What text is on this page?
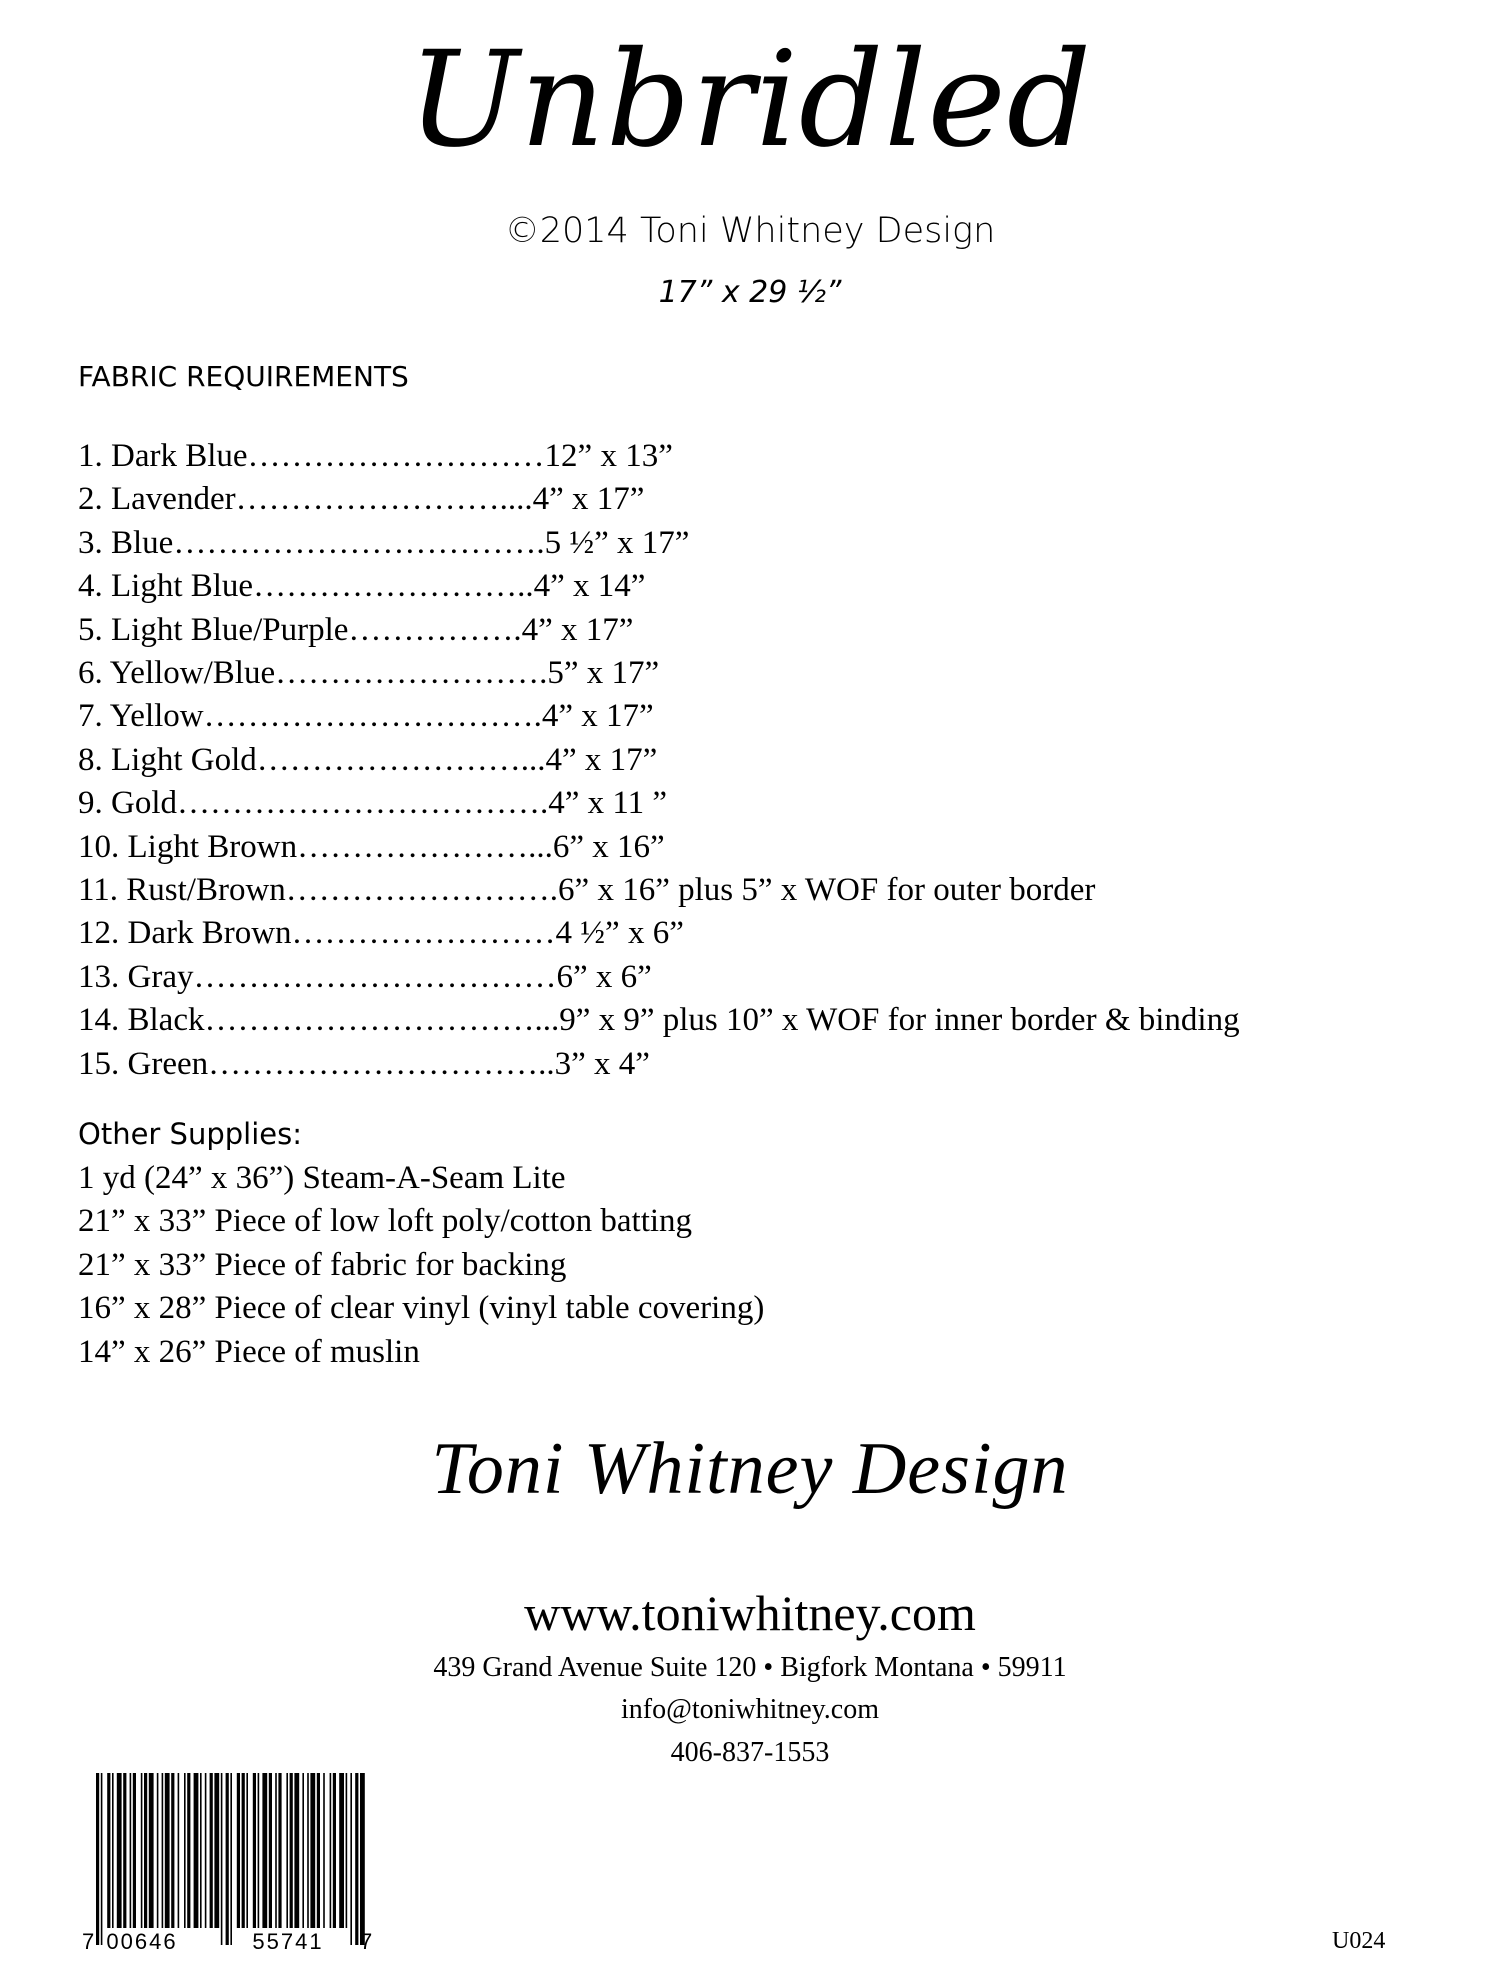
Unbridled
©2014 Toni Whitney Design
17” x 29 ½”
FABRIC REQUIREMENTS
1. Dark Blue………………………12” x 13”
2. Lavender……………………....4” x 17”
3. Blue…………………………….5 ½” x 17”
4. Light Blue……………………..4” x 14”
5. Light Blue/Purple…………….4” x 17”
6. Yellow/Blue…………………….5” x 17”
7. Yellow………………………….4” x 17”
8. Light Gold……………………...4” x 17”
9. Gold…………………………….4” x 11 ”
10. Light Brown…………………...6” x 16”
11. Rust/Brown…………………….6” x 16” plus 5” x WOF for outer border
12. Dark Brown……………………4 ½” x 6”
13. Gray……………………………6” x 6”
14. Black…………………………...9” x 9” plus 10” x WOF for inner border & binding
15. Green…………………………..3” x 4”
Other Supplies:
1 yd (24” x 36”) Steam-A-Seam Lite
21” x 33” Piece of low loft poly/cotton batting
21” x 33” Piece of fabric for backing
16” x 28” Piece of clear vinyl (vinyl table covering)
14” x 26” Piece of muslin
Toni Whitney Design
www.toniwhitney.com
439 Grand Avenue Suite 120 • Bigfork Montana • 59911
info@toniwhitney.com
406-837-1553
7 00646	55741 7	U024
